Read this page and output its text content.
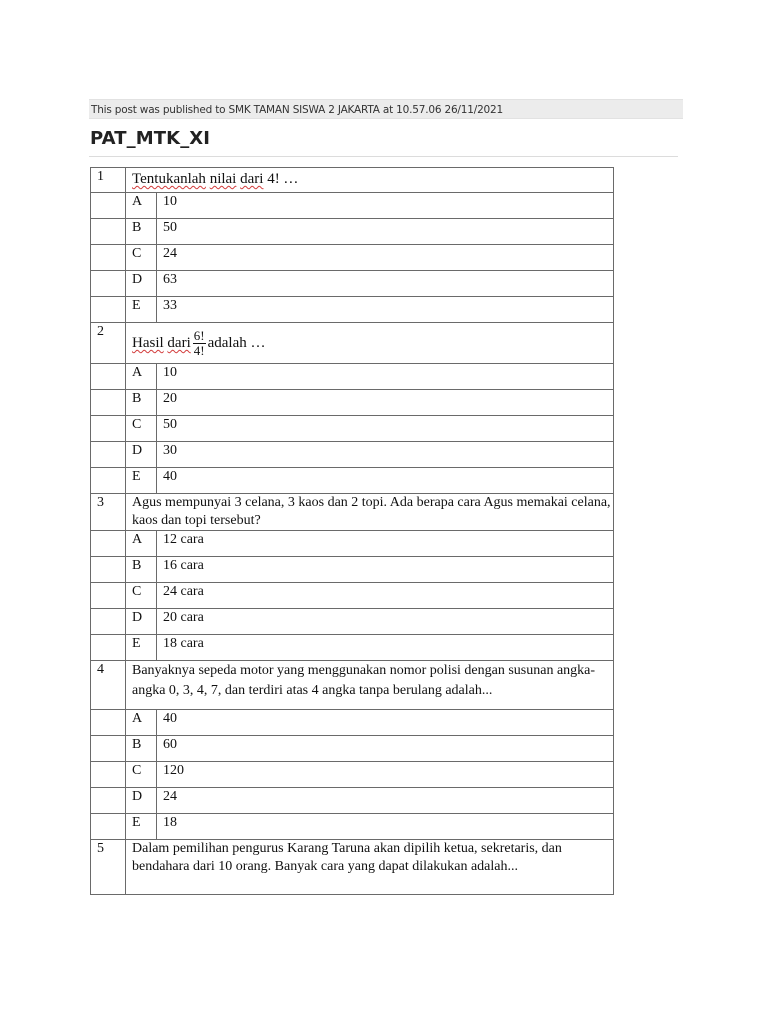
This post was published to SMK TAMAN SISWA 2 JAKARTA at 10.57.06 26/11/2021
PAT_MTK_XI
1	Tentukanlah nilai dari 4! …	

	A	10
	B	50
	C	24
	D	63
	E	33
2	Hasil
dari $\frac{6!}{4!}$ adalah …	

	A	10
	B	20
	C	50
	D	30
	E	40
3	Agus mempunyai 3 celana, 3 kaos dan 2 topi. Ada berapa cara Agus memakai celana, kaos dan topi tersebut?	
	A	12 cara
	B	16 cara
	C	24 cara
	D	20 cara
	E	18 cara
4	Banyaknya sepeda motor yang menggunakan nomor polisi dengan susunan angka-angka 0, 3, 4, 7, dan terdiri atas 4 angka tanpa berulang adalah...	
	A	40
	B	60
	C	120
	D	24
	E	18
5	Dalam pemilihan pengurus Karang Taruna akan dipilih ketua, sekretaris, dan bendahara dari 10 orang. Banyak cara yang dapat dilakukan adalah...	
